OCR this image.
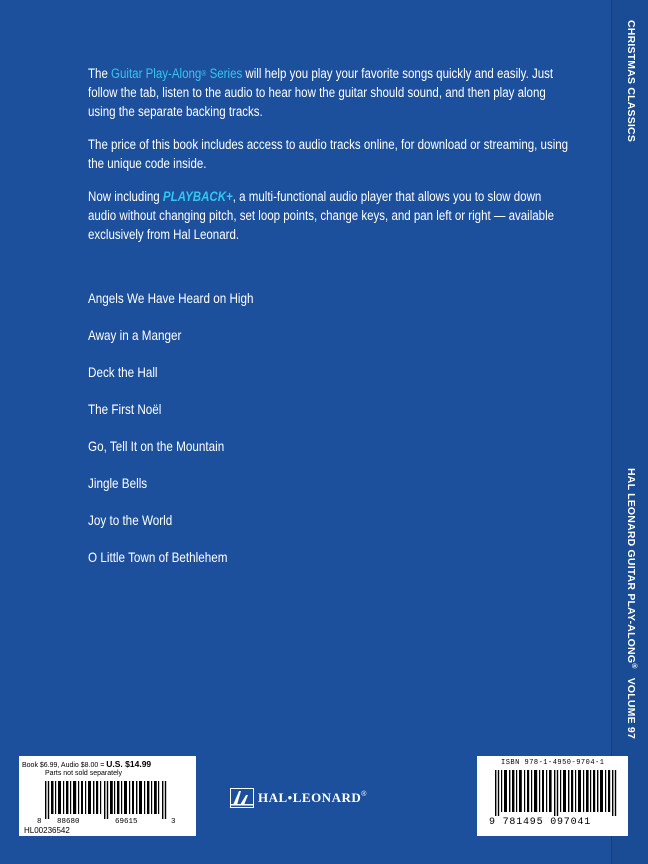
CHRISTMAS CLASSICS
HAL LEONARD GUITAR PLAY-ALONG® VOLUME 97

The Guitar Play-Along® Series will help you play your favorite songs quickly and easily. Just follow the tab, listen to the audio to hear how the guitar should sound, and then play along using the separate backing tracks.

The price of this book includes access to audio tracks online, for download or streaming, using the unique code inside.

Now including PLAYBACK+, a multi-functional audio player that allows you to slow down audio without changing pitch, set loop points, change keys, and pan left or right — available exclusively from Hal Leonard.

Angels We Have Heard on High
Away in a Manger
Deck the Hall
The First Noël
Go, Tell It on the Mountain
Jingle Bells
Joy to the World
O Little Town of Bethlehem
Book $6.99, Audio $8.00 = U.S. $14.99
Parts not sold separately
8 88680	69615	3
HL00236542
HAL•LEONARD ®
ISBN 978-1-4950-9704-1
9 781495 097041
